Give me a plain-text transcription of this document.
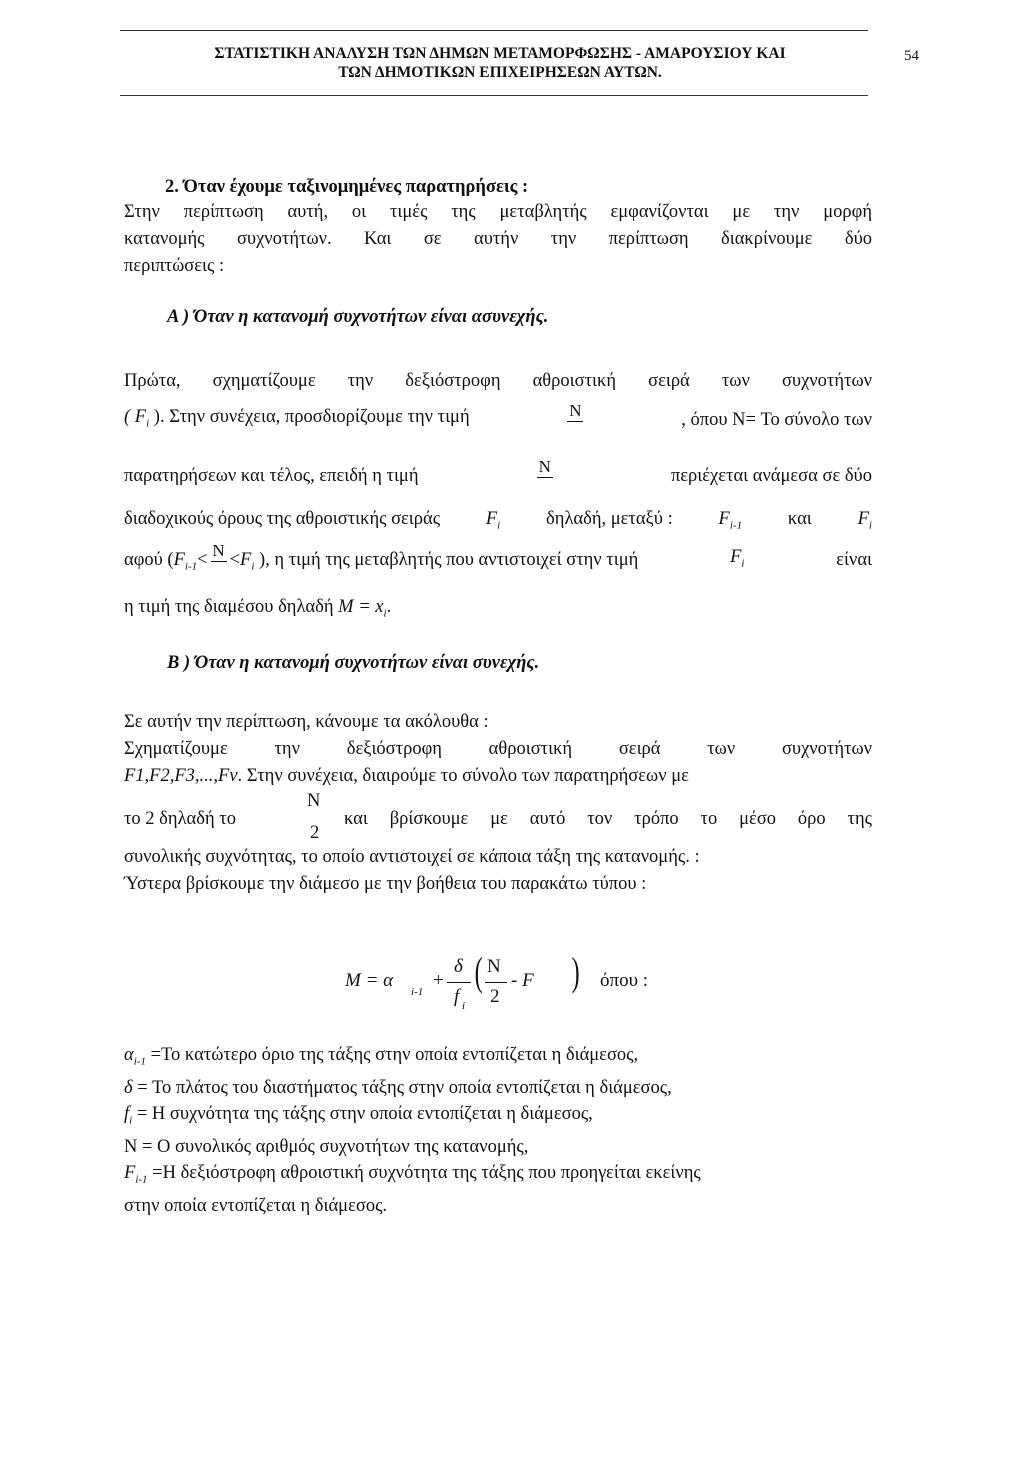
ΣΤΑΤΙΣΤΙΚΗ ΑΝΑΛΥΣΗ ΤΩΝ ΔΗΜΩΝ ΜΕΤΑΜΟΡΦΩΣΗΣ - ΑΜΑΡΟΥΣΙΟΥ ΚΑΙ
ΤΩΝ ΔΗΜΟΤΙΚΩΝ ΕΠΙΧΕΙΡΗΣΕΩΝ ΑΥΤΩΝ.
54
2. Όταν έχουμε ταξινομημένες παρατηρήσεις :
Στην περίπτωση αυτή, οι τιμές της μεταβλητής εμφανίζονται με την μορφή
κατανομής συχνοτήτων. Και σε αυτήν την περίπτωση διακρίνουμε δύο
περιπτώσεις :
Α ) Όταν η κατανομή συχνοτήτων είναι ασυνεχής.
Πρώτα, σχηματίζουμε την δεξιόστροφη αθροιστική σειρά των συχνοτήτων
( $F_i$ ). Στην συνέχεια, προσδιορίζουμε την τιμή	N	, όπου N= Το σύνολο των
παρατηρήσεων και τέλος, επειδή η τιμή	N	περιέχεται ανάμεσα σε δύο
διαδοχικούς όρους της αθροιστικής σειράς $F_i$ δηλαδή, μεταξύ : $F_{i-1}$ και $F_i$
αφού ($F_{i-1}< N <F_i$ ), η τιμή της μεταβλητής που αντιστοιχεί στην τιμή	$F_i$	είναι
η τιμή της διαμέσου δηλαδή $M = x_i$.
Β ) Όταν η κατανομή συχνοτήτων είναι συνεχής.
Σε αυτήν την περίπτωση, κάνουμε τα ακόλουθα :
Σχηματίζουμε την δεξιόστροφη αθροιστική σειρά των συχνοτήτων
F1,F2,F3,...,Fv. Στην συνέχεια, διαιρούμε το σύνολο των παρατηρήσεων με
το 2 δηλαδή το
N
2
και βρίσκουμε με αυτό τον τρόπο το μέσο όρο της
συνολικής συχνότητας, το οποίο αντιστοιχεί σε κάποια τάξη της κατανομής. :
Ύστερα βρίσκουμε την διάμεσο με την βοήθεια του παρακάτω τύπου :
M = α
i-1
+
δ
f i
( N
2
- F ) όπου :
$\alpha_{i-1} =To$ κατώτερο όριο της τάξης στην οποία εντοπίζεται η διάμεσος,
δ = Το πλάτος του διαστήματος τάξης στην οποία εντοπίζεται η διάμεσος,
$f_i = H$ συχνότητα της τάξης στην οποία εντοπίζεται η διάμεσος,
N = Ο συνολικός αριθμός συχνοτήτων της κατανομής,
$F_{i-1} =H$ δεξιόστροφη αθροιστική συχνότητα της τάξης που προηγείται εκείνης
στην οποία εντοπίζεται η διάμεσος.
